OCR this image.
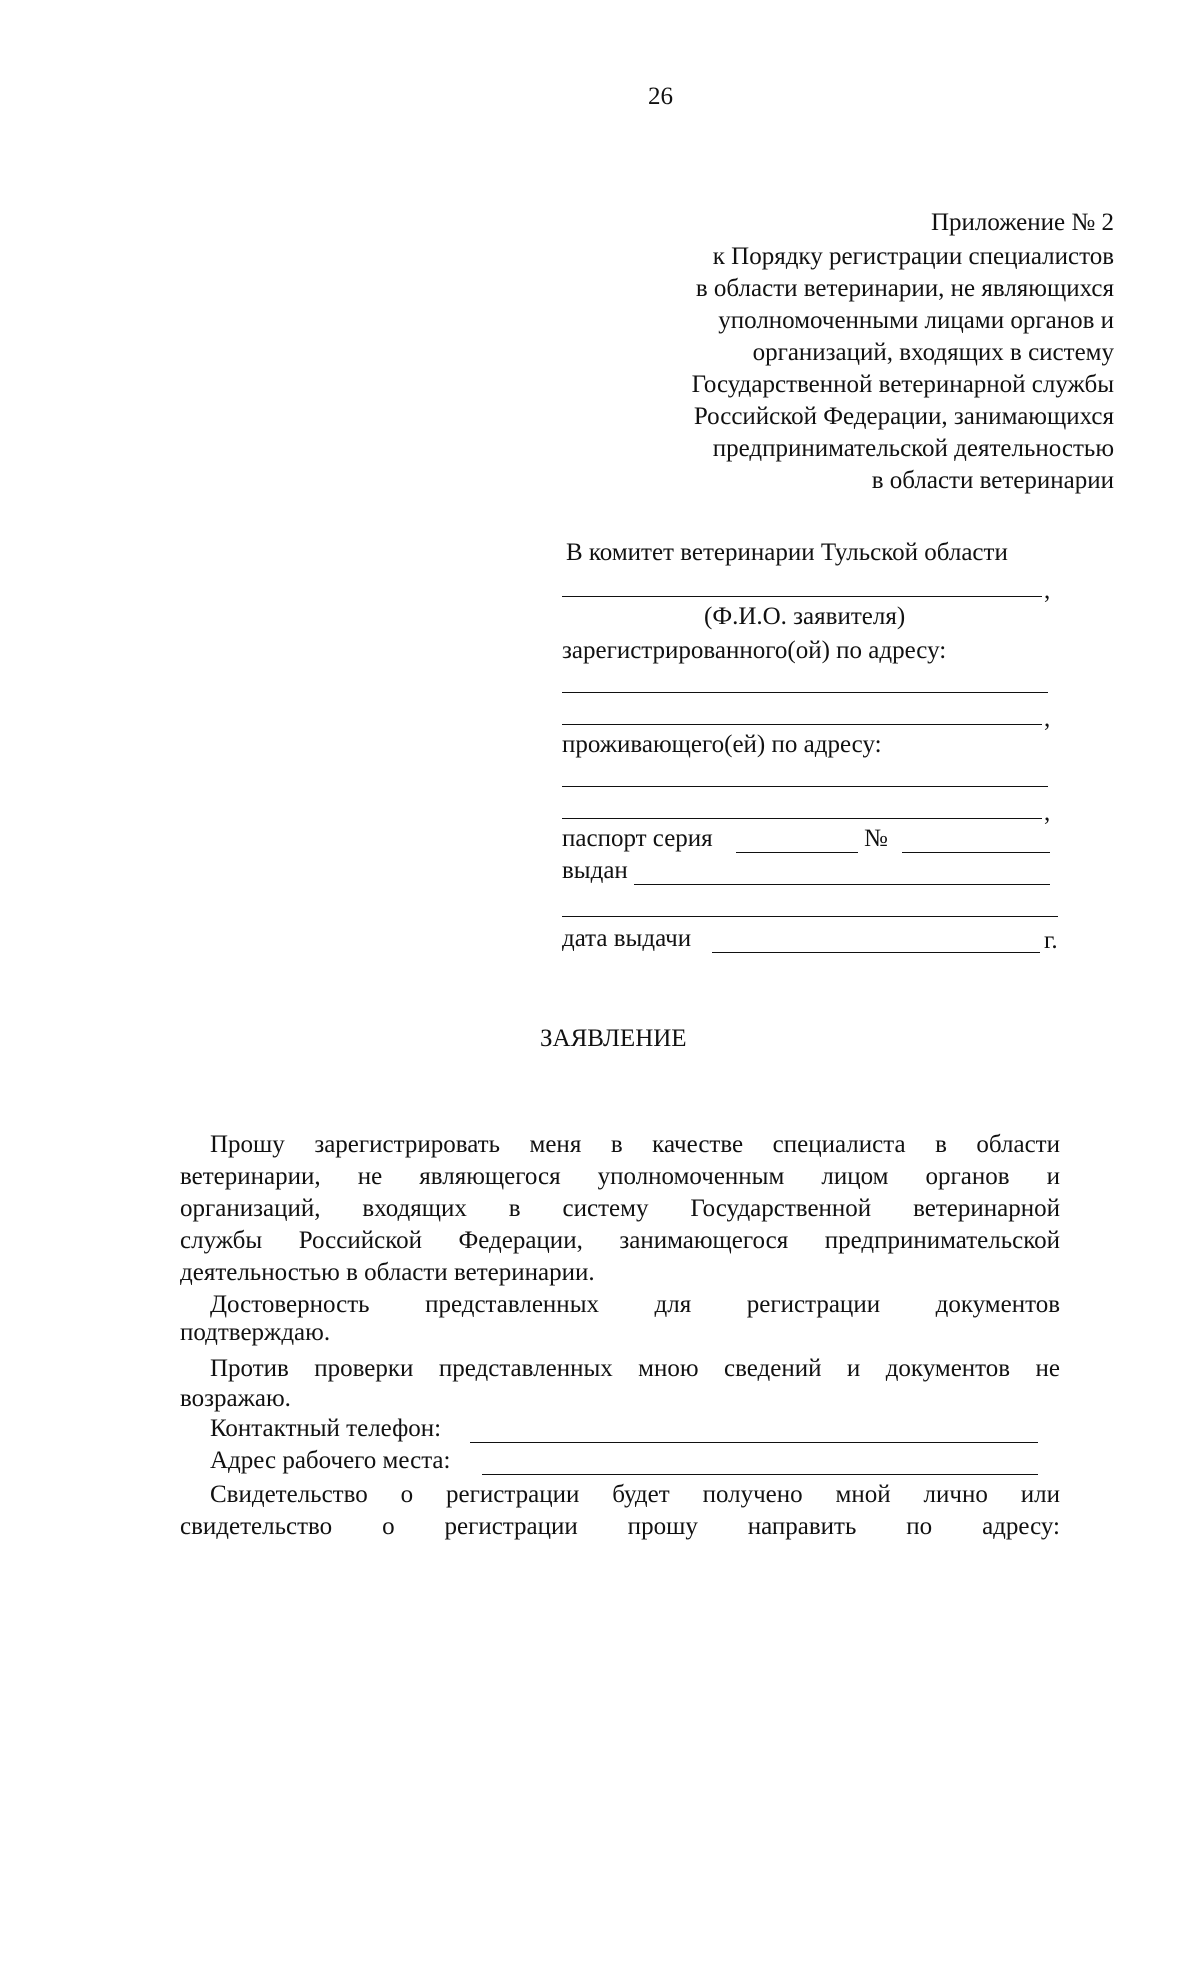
26
Приложение № 2
к Порядку регистрации специалистов
в области ветеринарии, не являющихся
уполномоченными лицами органов и
организаций, входящих в систему
Государственной ветеринарной службы
Российской Федерации, занимающихся
предпринимательской деятельностью
в области ветеринарии
В комитет ветеринарии Тульской области
,
(Ф.И.О. заявителя)
зарегистрированного(ой) по адресу:
,
проживающего(ей) по адресу:
,
паспорт серия	№
выдан
дата выдачи	г.
ЗАЯВЛЕНИЕ
Прошу зарегистрировать меня в качестве специалиста в области
ветеринарии, не являющегося уполномоченным лицом органов и
организаций, входящих в систему Государственной ветеринарной
службы Российской Федерации, занимающегося предпринимательской
деятельностью в области ветеринарии.
Достоверность представленных для регистрации документов
подтверждаю.
Против проверки представленных мною сведений и документов не
возражаю.
Контактный телефон:
Адрес рабочего места:
Свидетельство о регистрации будет получено мной лично или
свидетельство о регистрации прошу направить по адресу:
